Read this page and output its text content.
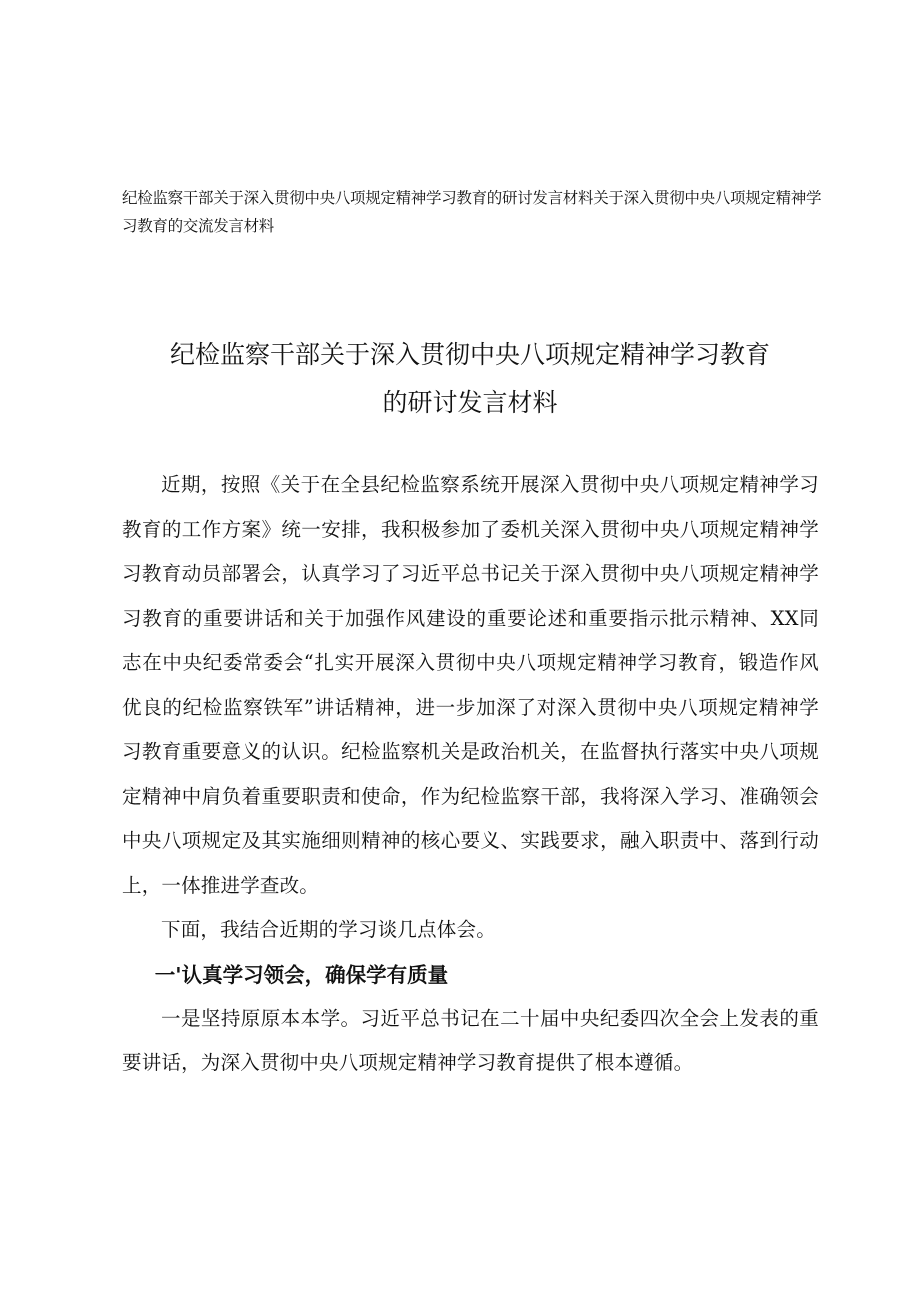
纪检监察干部关于深入贯彻中央八项规定精神学习教育的研讨发言材料关于深入贯彻中央八项规定精神学习教育的交流发言材料
纪检监察干部关于深入贯彻中央八项规定精神学习教育
的研讨发言材料

近期，按照《关于在全县纪检监察系统开展深入贯彻中央八项规定精神学习教育的工作方案》统一安排，我积极参加了委机关深入贯彻中央八项规定精神学习教育动员部署会，认真学习了习近平总书记关于深入贯彻中央八项规定精神学习教育的重要讲话和关于加强作风建设的重要论述和重要指示批示精神、XX同志在中央纪委常委会“扎实开展深入贯彻中央八项规定精神学习教育，锻造作风优良的纪检监察铁军”讲话精神，进一步加深了对深入贯彻中央八项规定精神学习教育重要意义的认识。纪检监察机关是政治机关，在监督执行落实中央八项规定精神中肩负着重要职责和使命，作为纪检监察干部，我将深入学习、准确领会中央八项规定及其实施细则精神的核心要义、实践要求，融入职责中、落到行动上，一体推进学查改。

下面，我结合近期的学习谈几点体会。

一'认真学习领会，确保学有质量

一是坚持原原本本学。习近平总书记在二十届中央纪委四次全会上发表的重要讲话，为深入贯彻中央八项规定精神学习教育提供了根本遵循。
